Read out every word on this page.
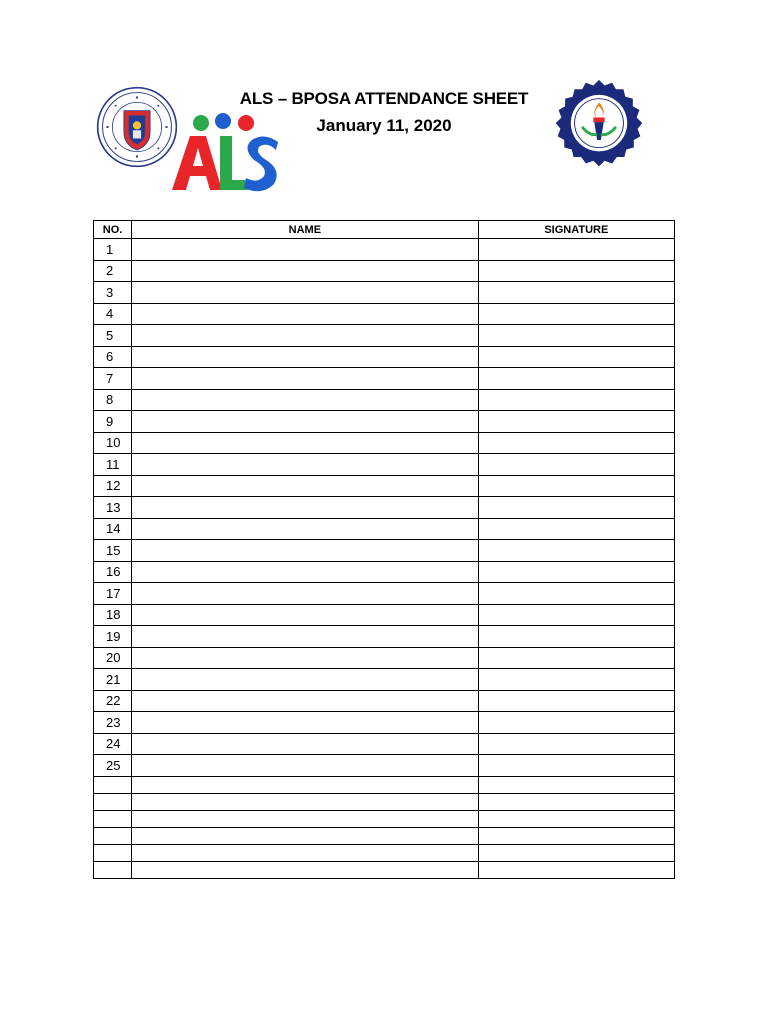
ALS – BPOSA ATTENDANCE SHEET
January 11, 2020
NO.	NAME	SIGNATURE
1		
2		
3		
4		
5		
6		
7		
8		
9		
10		
11		
12		
13		
14		
15		
16		
17		
18		
19		
20		
21		
22		
23		
24		
25		
